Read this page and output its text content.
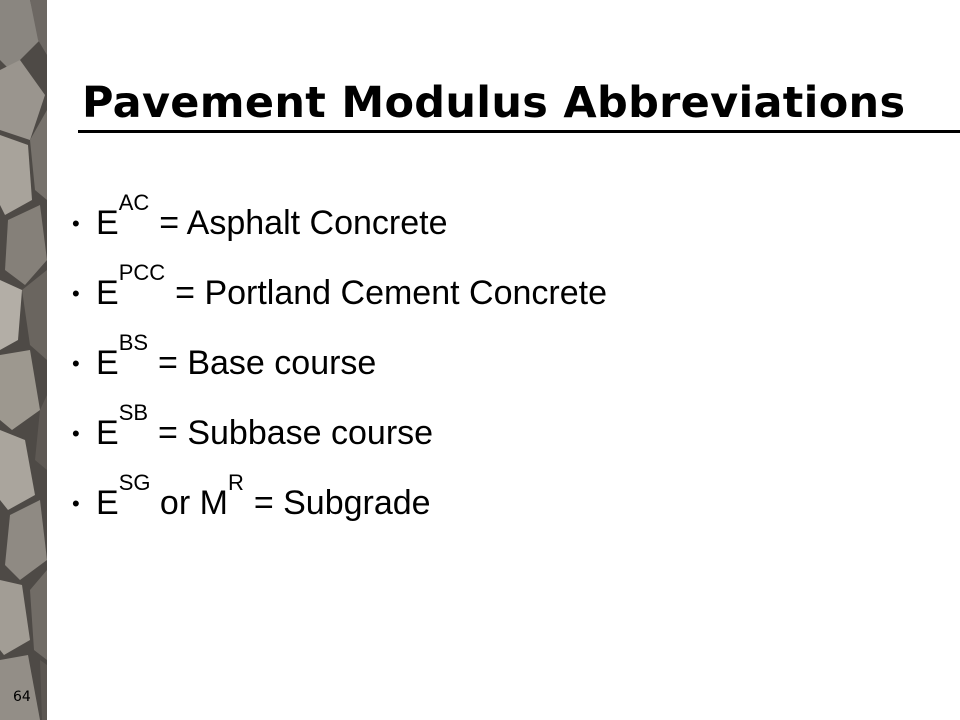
64
Pavement Modulus Abbreviations
• E
AC
= Asphalt Concrete
• E
PCC
= Portland Cement Concrete
• E
BS
= Base course
• E
SB
= Subbase course
• E
SG
or M
R
= Subgrade
